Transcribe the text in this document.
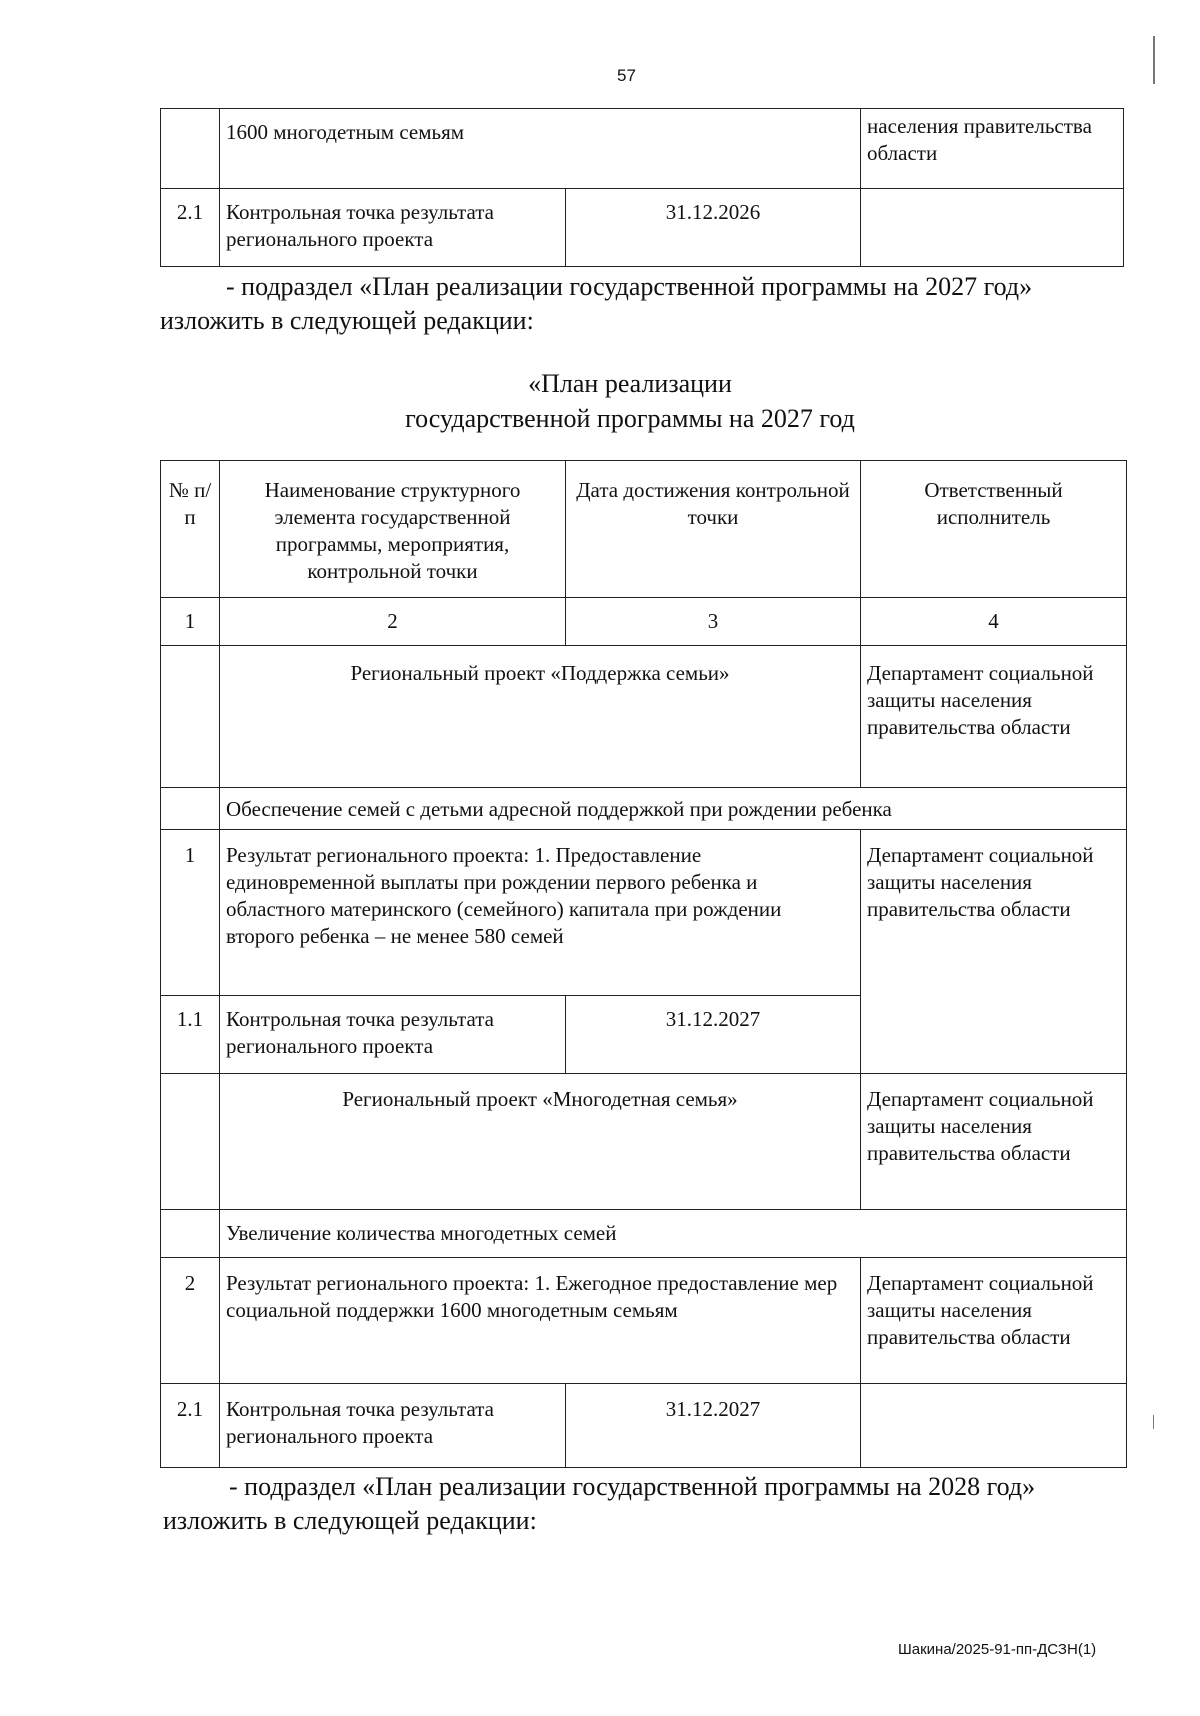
57
	1600 многодетным семьям		населения правительства области
2.1	Контрольная точка результата регионального проекта	31.12.2026	

- подраздел «План реализации государственной программы на 2027 год»
изложить в следующей редакции:

«План реализации
государственной программы на 2027 год
№ п/п	Наименование структурного элемента государственной программы, мероприятия, контрольной точки	Дата достижения контрольной точки	Ответственный исполнитель
1	2	3	4
	Региональный проект «Поддержка семьи»		Департамент социальной защиты населения правительства области
	Обеспечение семей с детьми адресной поддержкой при рождении ребенка		
1	Результат регионального проекта: 1. Предоставление единовременной выплаты при рождении первого ребенка и областного материнского (семейного) капитала при рождении второго ребенка – не менее 580 семей		Департамент социальной защиты населения правительства области
1.1	Контрольная точка результата регионального проекта	31.12.2027	
	Региональный проект «Многодетная семья»		Департамент социальной защиты населения правительства области
	Увеличение количества многодетных семей		
2	Результат регионального проекта: 1. Ежегодное предоставление мер социальной поддержки 1600 многодетным семьям		Департамент социальной защиты населения правительства области
2.1	Контрольная точка результата регионального проекта	31.12.2027	

- подраздел «План реализации государственной программы на 2028 год»
изложить в следующей редакции:

Шакина/2025-91-пп-ДСЗН(1)
